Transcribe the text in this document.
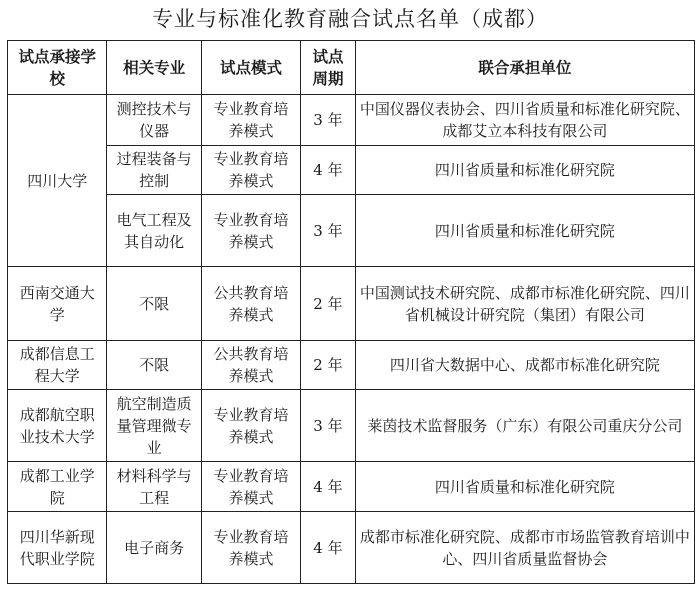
专业与标准化教育融合试点名单（成都）
试点承接学校	相关专业	试点模式	试点周期	联合承担单位
四川大学	测控技术与仪器	专业教育培养模式	3 年	中国仪器仪表协会、四川省质量和标准化研究院、成都艾立本科技有限公司
	过程装备与控制	专业教育培养模式	4 年	四川省质量和标准化研究院
	电气工程及其自动化	专业教育培养模式	3 年	四川省质量和标准化研究院
西南交通大学	不限	公共教育培养模式	2 年	中国测试技术研究院、成都市标准化研究院、四川省机械设计研究院（集团）有限公司
成都信息工程大学	不限	公共教育培养模式	2 年	四川省大数据中心、成都市标准化研究院
成都航空职业技术大学	航空制造质量管理微专业	专业教育培养模式	3 年	莱茵技术监督服务（广东）有限公司重庆分公司
成都工业学院	材料科学与工程	专业教育培养模式	4 年	四川省质量和标准化研究院
四川华新现代职业学院	电子商务	专业教育培养模式	4 年	成都市标准化研究院、成都市市场监管教育培训中心、四川省质量监督协会
